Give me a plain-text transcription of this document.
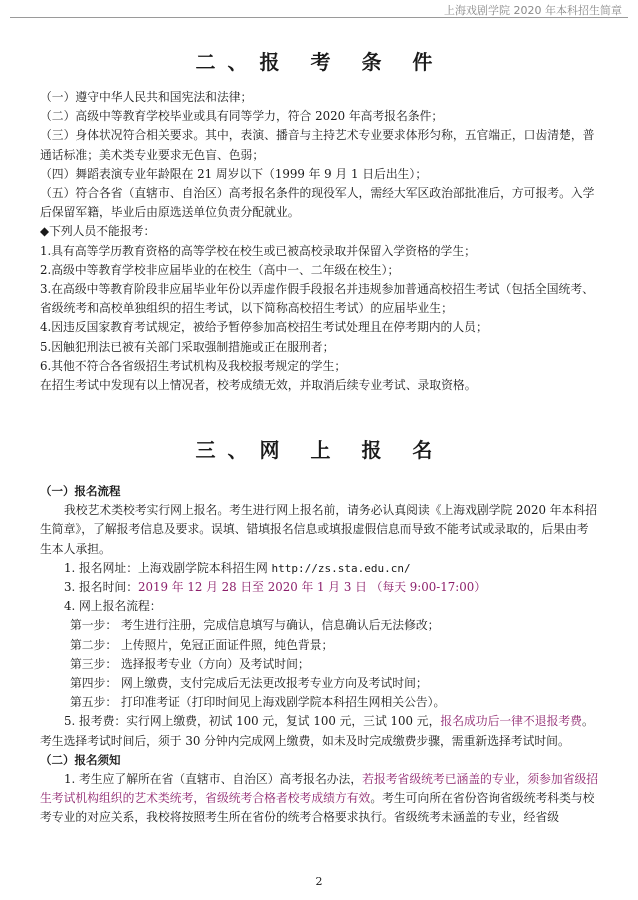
上海戏剧学院 2020 年本科招生简章
二、报 考 条 件

（一）遵守中华人民共和国宪法和法律；

（二）高级中等教育学校毕业或具有同等学力，符合 2020 年高考报名条件；

（三）身体状况符合相关要求。其中，表演、播音与主持艺术专业要求体形匀称，五官端正，口齿清楚，普通话标准；美术类专业要求无色盲、色弱；

（四）舞蹈表演专业年龄限在 21 周岁以下（1999 年 9 月 1 日后出生）；

（五）符合各省（直辖市、自治区）高考报名条件的现役军人，需经大军区政治部批准后，方可报考。入学后保留军籍，毕业后由原选送单位负责分配就业。

◆下列人员不能报考：

1.具有高等学历教育资格的高等学校在校生或已被高校录取并保留入学资格的学生；

2.高级中等教育学校非应届毕业的在校生（高中一、二年级在校生）；

3.在高级中等教育阶段非应届毕业年份以弄虚作假手段报名并违规参加普通高校招生考试（包括全国统考、省级统考和高校单独组织的招生考试，以下简称高校招生考试）的应届毕业生；

4.因违反国家教育考试规定，被给予暂停参加高校招生考试处理且在停考期内的人员；

5.因触犯刑法已被有关部门采取强制措施或正在服刑者；

6.其他不符合各省级招生考试机构及我校报考规定的学生；

在招生考试中发现有以上情况者，校考成绩无效，并取消后续专业考试、录取资格。

三、网 上 报 名

（一）报名流程

我校艺术类校考实行网上报名。考生进行网上报名前，请务必认真阅读《上海戏剧学院 2020 年本科招生简章》，了解报考信息及要求。误填、错填报名信息或填报虚假信息而导致不能考试或录取的，后果由考生本人承担。

1. 报名网址：上海戏剧学院本科招生网 http://zs.sta.edu.cn/

3. 报名时间：2019 年 12 月 28 日至 2020 年 1 月 3 日 （每天 9:00-17:00）

4. 网上报名流程：

第一步： 考生进行注册，完成信息填写与确认，信息确认后无法修改；

第二步： 上传照片，免冠正面证件照，纯色背景；

第三步： 选择报考专业（方向）及考试时间；

第四步： 网上缴费，支付完成后无法更改报考专业方向及考试时间；

第五步： 打印准考证（打印时间见上海戏剧学院本科招生网相关公告）。

5. 报考费：实行网上缴费，初试 100 元，复试 100 元，三试 100 元，报名成功后一律不退报考费。考生选择考试时间后，须于 30 分钟内完成网上缴费，如未及时完成缴费步骤，需重新选择考试时间。

（二）报名须知

1. 考生应了解所在省（直辖市、自治区）高考报名办法，若报考省级统考已涵盖的专业，须参加省级招生考试机构组织的艺术类统考，省级统考合格者校考成绩方有效。考生可向所在省份咨询省级统考科类与校考专业的对应关系，我校将按照考生所在省份的统考合格要求执行。省级统考未涵盖的专业，经省级

2
